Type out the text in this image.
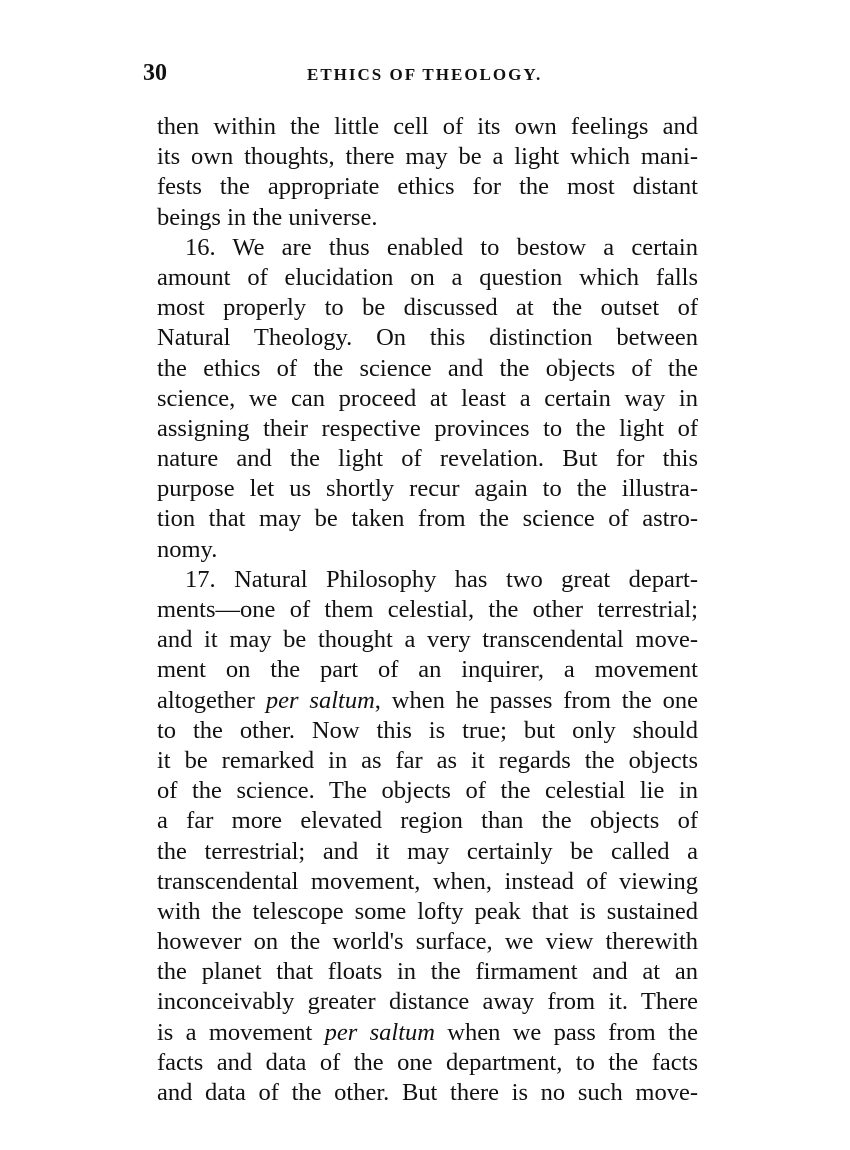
30	ETHICS OF THEOLOGY.
then within the little cell of its own feelings and
its own thoughts, there may be a light which mani-
fests the appropriate ethics for the most distant
beings in the universe.
16. We are thus enabled to bestow a certain
amount of elucidation on a question which falls
most properly to be discussed at the outset of
Natural Theology. On this distinction between
the ethics of the science and the objects of the
science, we can proceed at least a certain way in
assigning their respective provinces to the light of
nature and the light of revelation. But for this
purpose let us shortly recur again to the illustra-
tion that may be taken from the science of astro-
nomy.
17. Natural Philosophy has two great depart-
ments—one of them celestial, the other terrestrial;
and it may be thought a very transcendental move-
ment on the part of an inquirer, a movement
altogether per saltum, when he passes from the one
to the other. Now this is true; but only should
it be remarked in as far as it regards the objects
of the science. The objects of the celestial lie in
a far more elevated region than the objects of
the terrestrial; and it may certainly be called a
transcendental movement, when, instead of viewing
with the telescope some lofty peak that is sustained
however on the world's surface, we view therewith
the planet that floats in the firmament and at an
inconceivably greater distance away from it. There
is a movement per saltum when we pass from the
facts and data of the one department, to the facts
and data of the other. But there is no such move-
